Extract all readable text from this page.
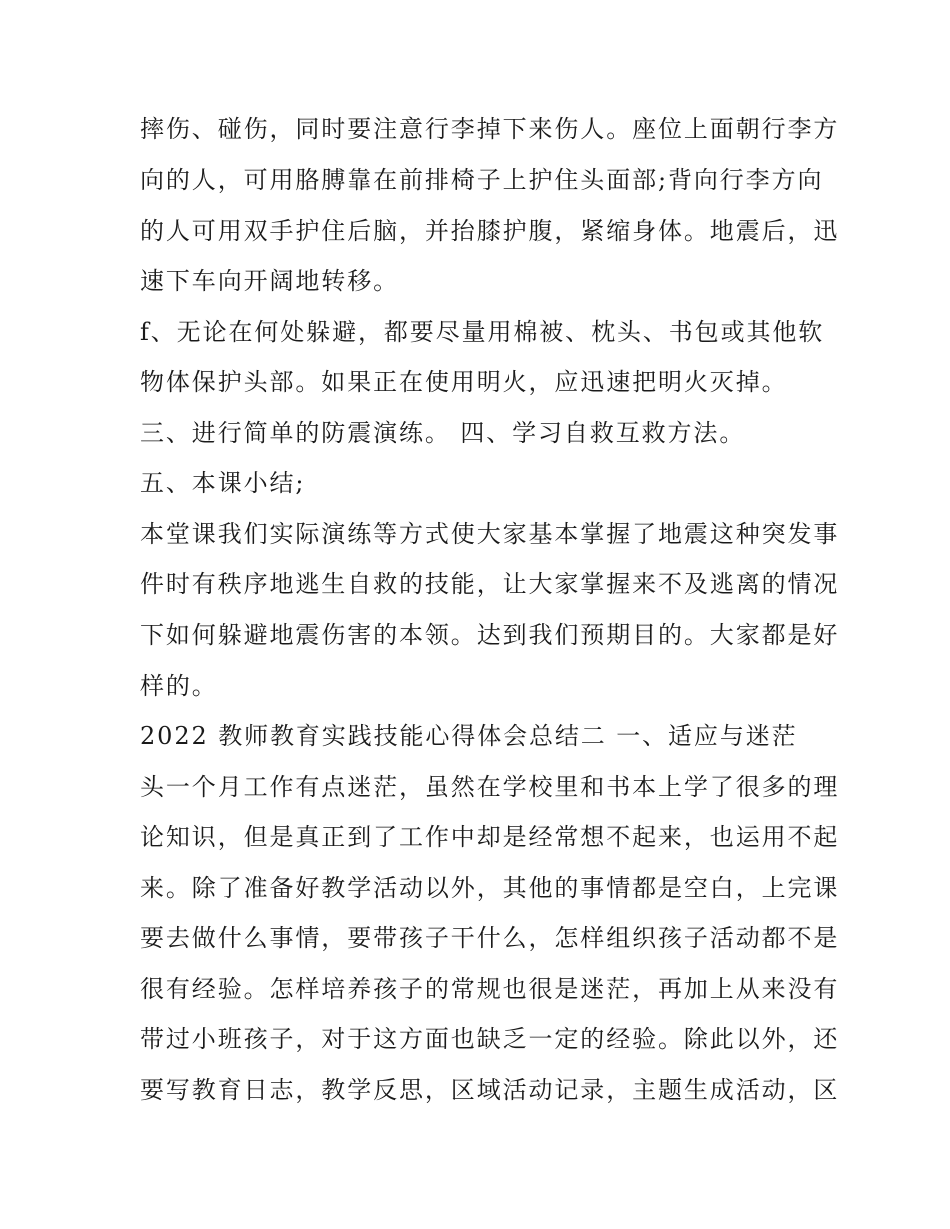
摔伤、碰伤，同时要注意行李掉下来伤人。座位上面朝行李方
向的人，可用胳膊靠在前排椅子上护住头面部;背向行李方向
的人可用双手护住后脑，并抬膝护腹，紧缩身体。地震后，迅
速下车向开阔地转移。
f、无论在何处躲避，都要尽量用棉被、枕头、书包或其他软
物体保护头部。如果正在使用明火，应迅速把明火灭掉。
三、进行简单的防震演练。 四、学习自救互救方法。
五、本课小结;
本堂课我们实际演练等方式使大家基本掌握了地震这种突发事
件时有秩序地逃生自救的技能，让大家掌握来不及逃离的情况
下如何躲避地震伤害的本领。达到我们预期目的。大家都是好
样的。
2022 教师教育实践技能心得体会总结二 一、适应与迷茫
头一个月工作有点迷茫，虽然在学校里和书本上学了很多的理
论知识，但是真正到了工作中却是经常想不起来，也运用不起
来。除了准备好教学活动以外，其他的事情都是空白，上完课
要去做什么事情，要带孩子干什么，怎样组织孩子活动都不是
很有经验。怎样培养孩子的常规也很是迷茫，再加上从来没有
带过小班孩子，对于这方面也缺乏一定的经验。除此以外，还
要写教育日志，教学反思，区域活动记录，主题生成活动，区
